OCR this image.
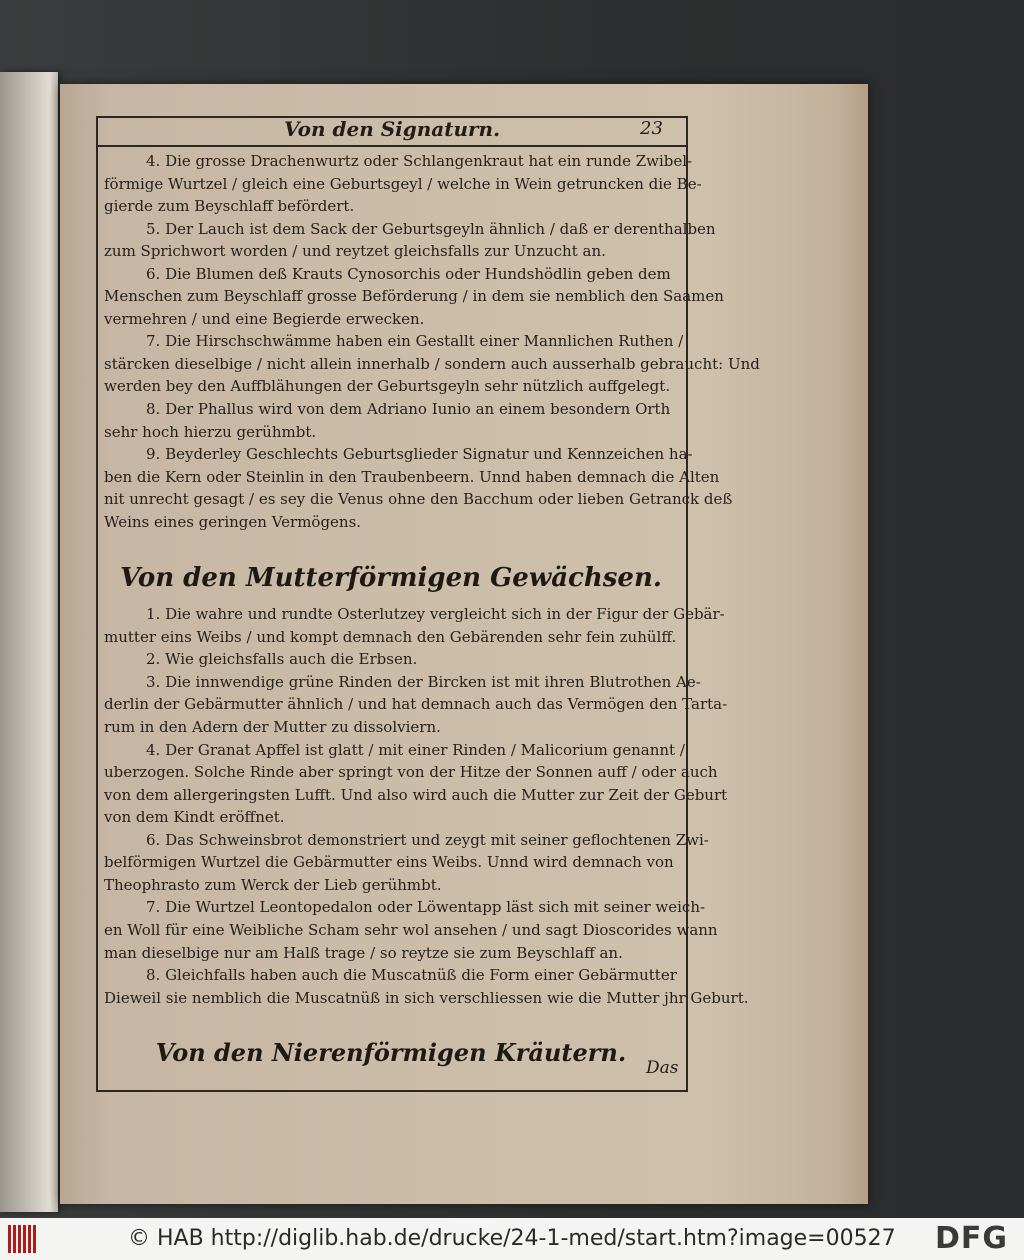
Von den Signaturn.	23
4. Die grosse Drachenwurtz oder Schlangenkraut hat ein runde Zwibel-
förmige Wurtzel / gleich eine Geburtsgeyl / welche in Wein getruncken die Be-
gierde zum Beyschlaff befördert.
5. Der Lauch ist dem Sack der Geburtsgeyln ähnlich / daß er derenthalben
zum Sprichwort worden / und reytzet gleichsfalls zur Unzucht an.
6. Die Blumen deß Krauts Cynosorchis oder Hundshödlin geben dem
Menschen zum Beyschlaff grosse Beförderung / in dem sie nemblich den Saamen
vermehren / und eine Begierde erwecken.
7. Die Hirschschwämme haben ein Gestallt einer Mannlichen Ruthen /
stärcken dieselbige / nicht allein innerhalb / sondern auch ausserhalb gebraucht: Und
werden bey den Auffblähungen der Geburtsgeyln sehr nützlich auffgelegt.
8. Der Phallus wird von dem Adriano Iunio an einem besondern Orth
sehr hoch hierzu gerühmbt.
9. Beyderley Geschlechts Geburtsglieder Signatur und Kennzeichen ha-
ben die Kern oder Steinlin in den Traubenbeern. Unnd haben demnach die Alten
nit unrecht gesagt / es sey die Venus ohne den Bacchum oder lieben Getranck deß
Weins eines geringen Vermögens.
Von den Mutterförmigen Gewächsen.
1. Die wahre und rundte Osterlutzey vergleicht sich in der Figur der Gebär-
mutter eins Weibs / und kompt demnach den Gebärenden sehr fein zuhülff.
2. Wie gleichsfalls auch die Erbsen.
3. Die innwendige grüne Rinden der Bircken ist mit ihren Blutrothen Ae-
derlin der Gebärmutter ähnlich / und hat demnach auch das Vermögen den Tarta-
rum in den Adern der Mutter zu dissolviern.
4. Der Granat Apffel ist glatt / mit einer Rinden / Malicorium genannt /
uberzogen. Solche Rinde aber springt von der Hitze der Sonnen auff / oder auch
von dem allergeringsten Lufft. Und also wird auch die Mutter zur Zeit der Geburt
von dem Kindt eröffnet.
6. Das Schweinsbrot demonstriert und zeygt mit seiner geflochtenen Zwi-
belförmigen Wurtzel die Gebärmutter eins Weibs. Unnd wird demnach von
Theophrasto zum Werck der Lieb gerühmbt.
7. Die Wurtzel Leontopedalon oder Löwentapp läst sich mit seiner weich-
en Woll für eine Weibliche Scham sehr wol ansehen / und sagt Dioscorides wann
man dieselbige nur am Halß trage / so reytze sie zum Beyschlaff an.
8. Gleichfalls haben auch die Muscatnüß die Form einer Gebärmutter
Dieweil sie nemblich die Muscatnüß in sich verschliessen wie die Mutter jhr Geburt.
Von den Nierenförmigen Kräutern.
Das
© HAB http://diglib.hab.de/drucke/24-1-med/start.htm?image=00527 DFG
